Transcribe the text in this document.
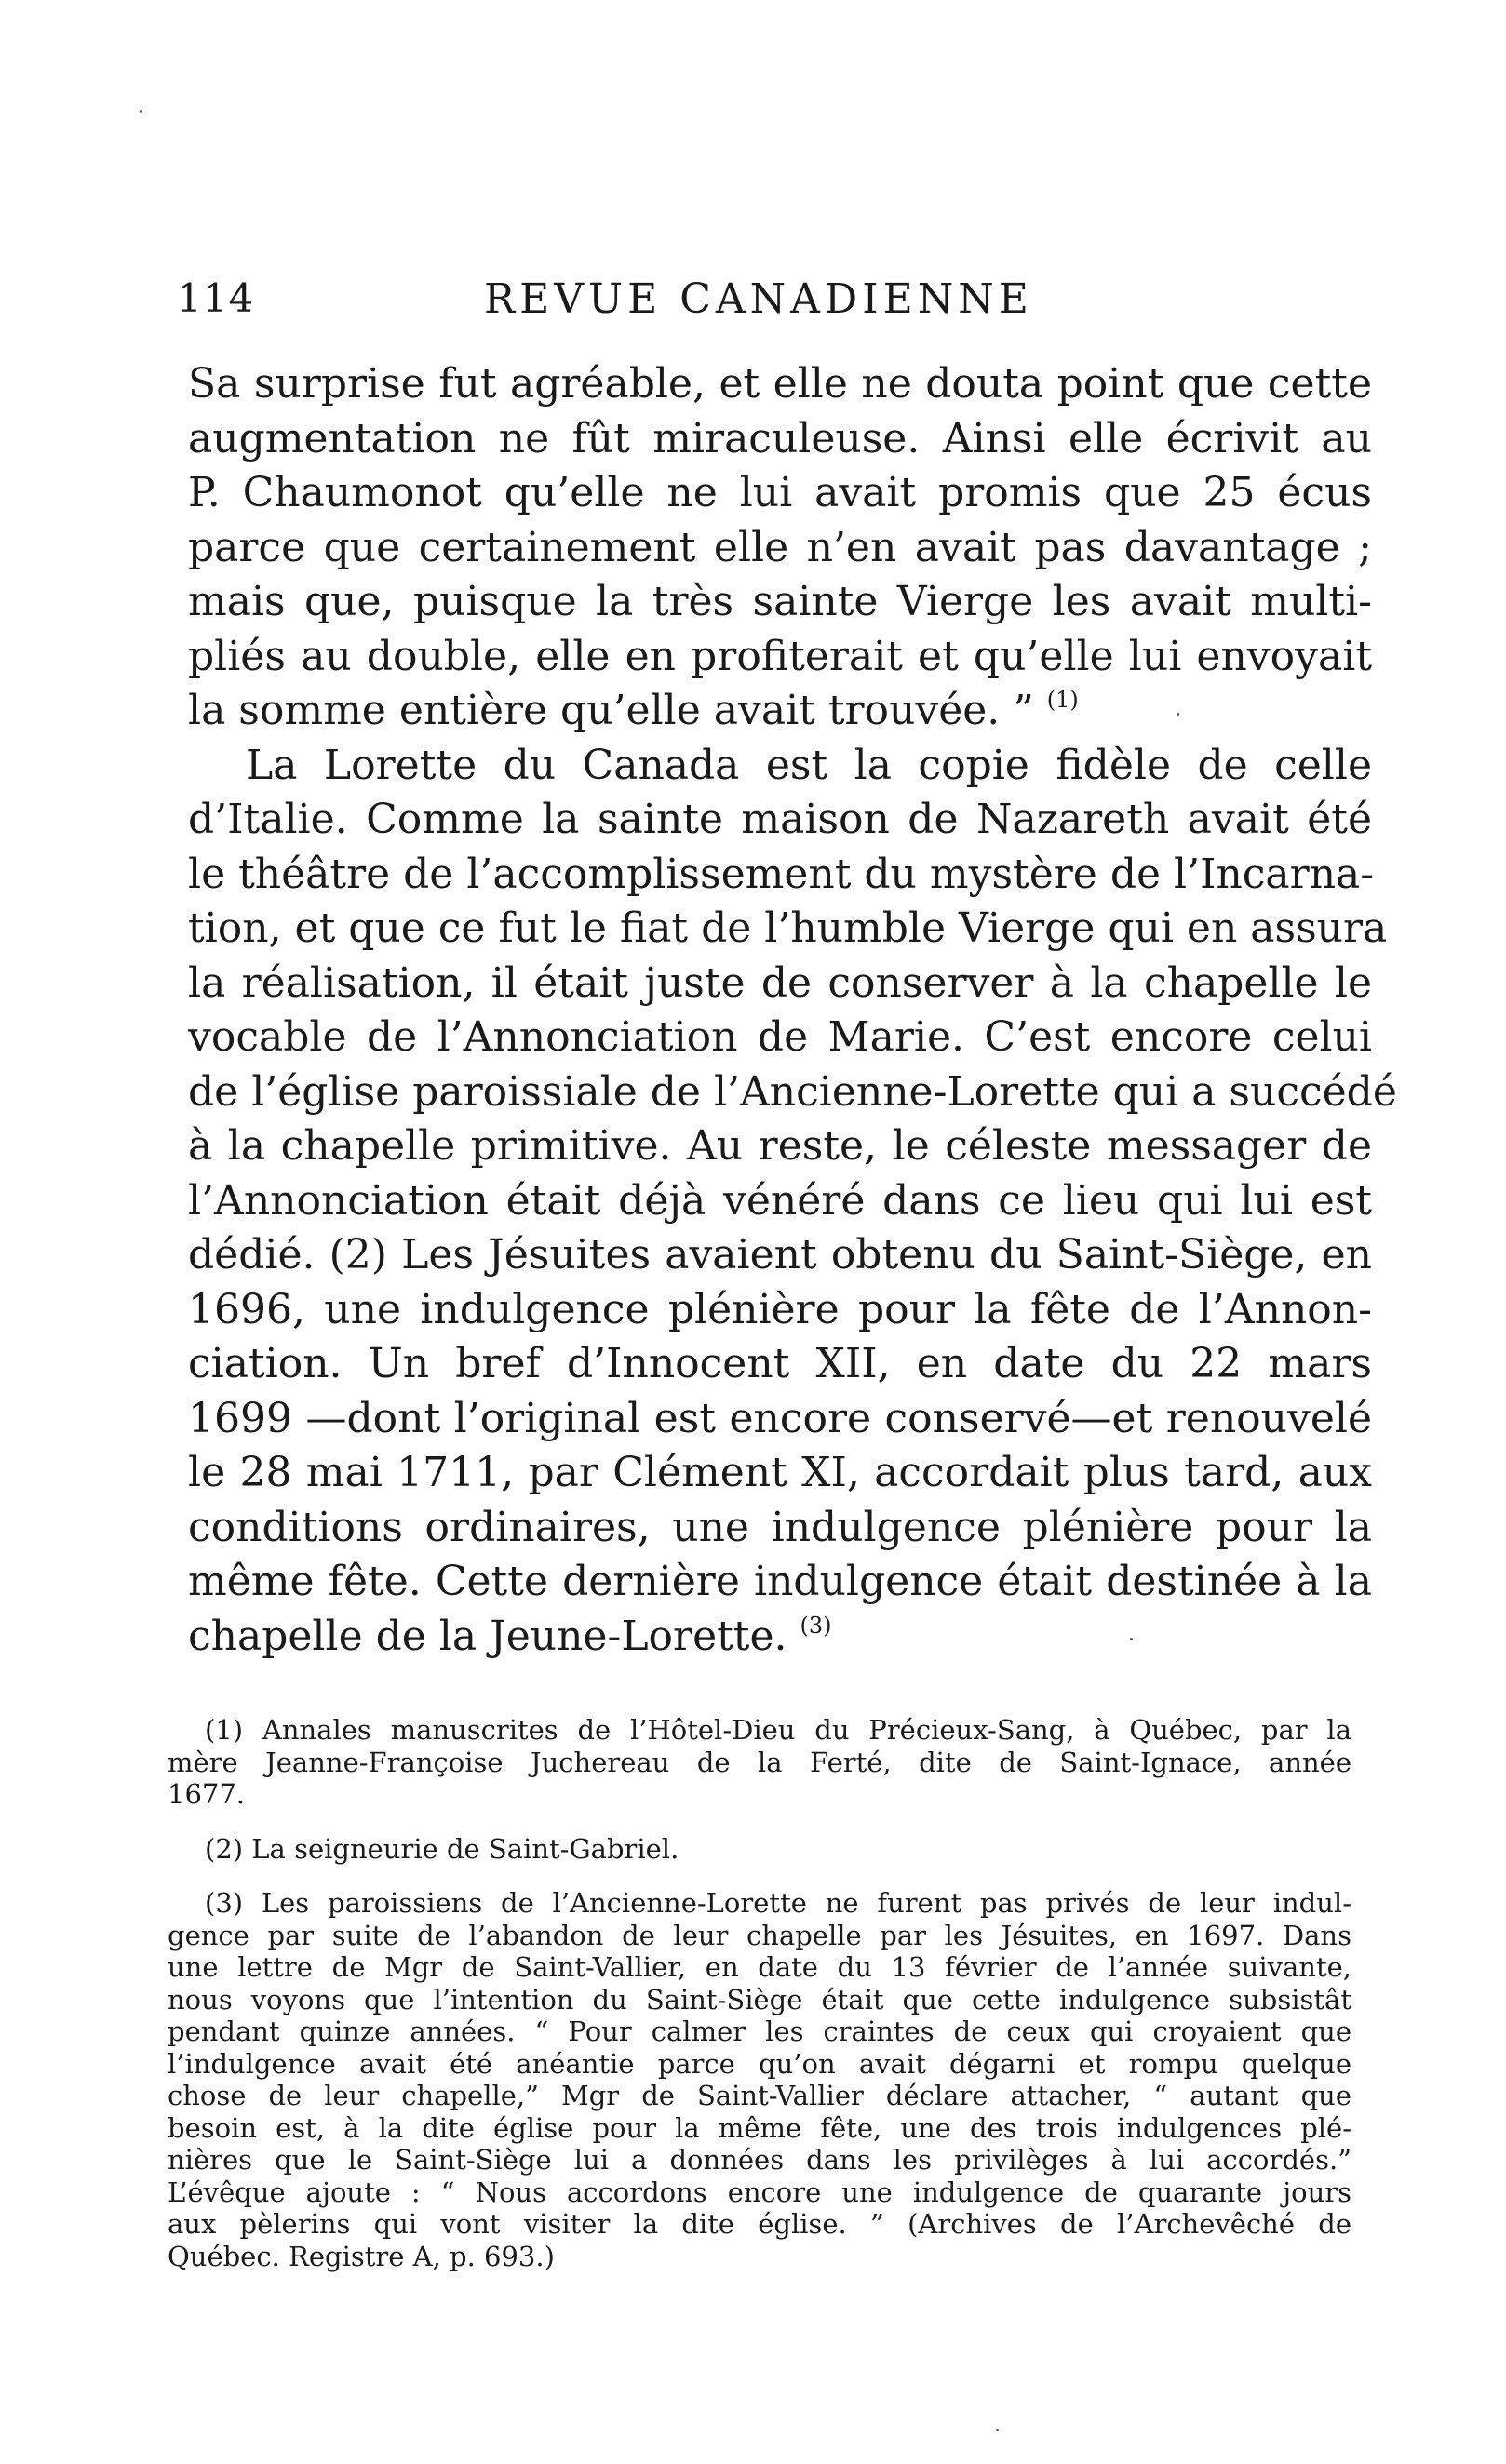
114	REVUE CANADIENNE

Sa surprise fut agréable, et elle ne douta point que cette
augmentation ne fût miraculeuse. Ainsi elle écrivit au
P. Chaumonot qu’elle ne lui avait promis que 25 écus
parce que certainement elle n’en avait pas davantage ;
mais que, puisque la très sainte Vierge les avait multi-
pliés au double, elle en profiterait et qu’elle lui envoyait
la somme entière qu’elle avait trouvée. ” $^{(1)}$

La Lorette du Canada est la copie fidèle de celle
d’Italie. Comme la sainte maison de Nazareth avait été
le théâtre de l’accomplissement du mystère de l’Incarna-
tion, et que ce fut le fiat de l’humble Vierge qui en assura
la réalisation, il était juste de conserver à la chapelle le
vocable de l’Annonciation de Marie. C’est encore celui
de l’église paroissiale de l’Ancienne-Lorette qui a succédé
à la chapelle primitive. Au reste, le céleste messager de
l’Annonciation était déjà vénéré dans ce lieu qui lui est
dédié. (2) Les Jésuites avaient obtenu du Saint-Siège, en
1696, une indulgence plénière pour la fête de l’Annon-
ciation. Un bref d’Innocent XII, en date du 22 mars
1699 —dont l’original est encore conservé—et renouvelé
le 28 mai 1711, par Clément XI, accordait plus tard, aux
conditions ordinaires, une indulgence plénière pour la
même fête. Cette dernière indulgence était destinée à la
chapelle de la Jeune-Lorette. $^{(3)}$

(1) Annales manuscrites de l’Hôtel-Dieu du Précieux-Sang, à Québec, par la
mère Jeanne-Françoise Juchereau de la Ferté, dite de Saint-Ignace, année
1677.
(2) La seigneurie de Saint-Gabriel.
(3) Les paroissiens de l’Ancienne-Lorette ne furent pas privés de leur indul-
gence par suite de l’abandon de leur chapelle par les Jésuites, en 1697. Dans
une lettre de Mgr de Saint-Vallier, en date du 13 février de l’année suivante,
nous voyons que l’intention du Saint-Siège était que cette indulgence subsistât
pendant quinze années. “ Pour calmer les craintes de ceux qui croyaient que
l’indulgence avait été anéantie parce qu’on avait dégarni et rompu quelque
chose de leur chapelle,” Mgr de Saint-Vallier déclare attacher, “ autant que
besoin est, à la dite église pour la même fête, une des trois indulgences plé-
nières que le Saint-Siège lui a données dans les privilèges à lui accordés.”
L’évêque ajoute : “ Nous accordons encore une indulgence de quarante jours
aux pèlerins qui vont visiter la dite église. ” (Archives de l’Archevêché de
Québec. Registre A, p. 693.)
